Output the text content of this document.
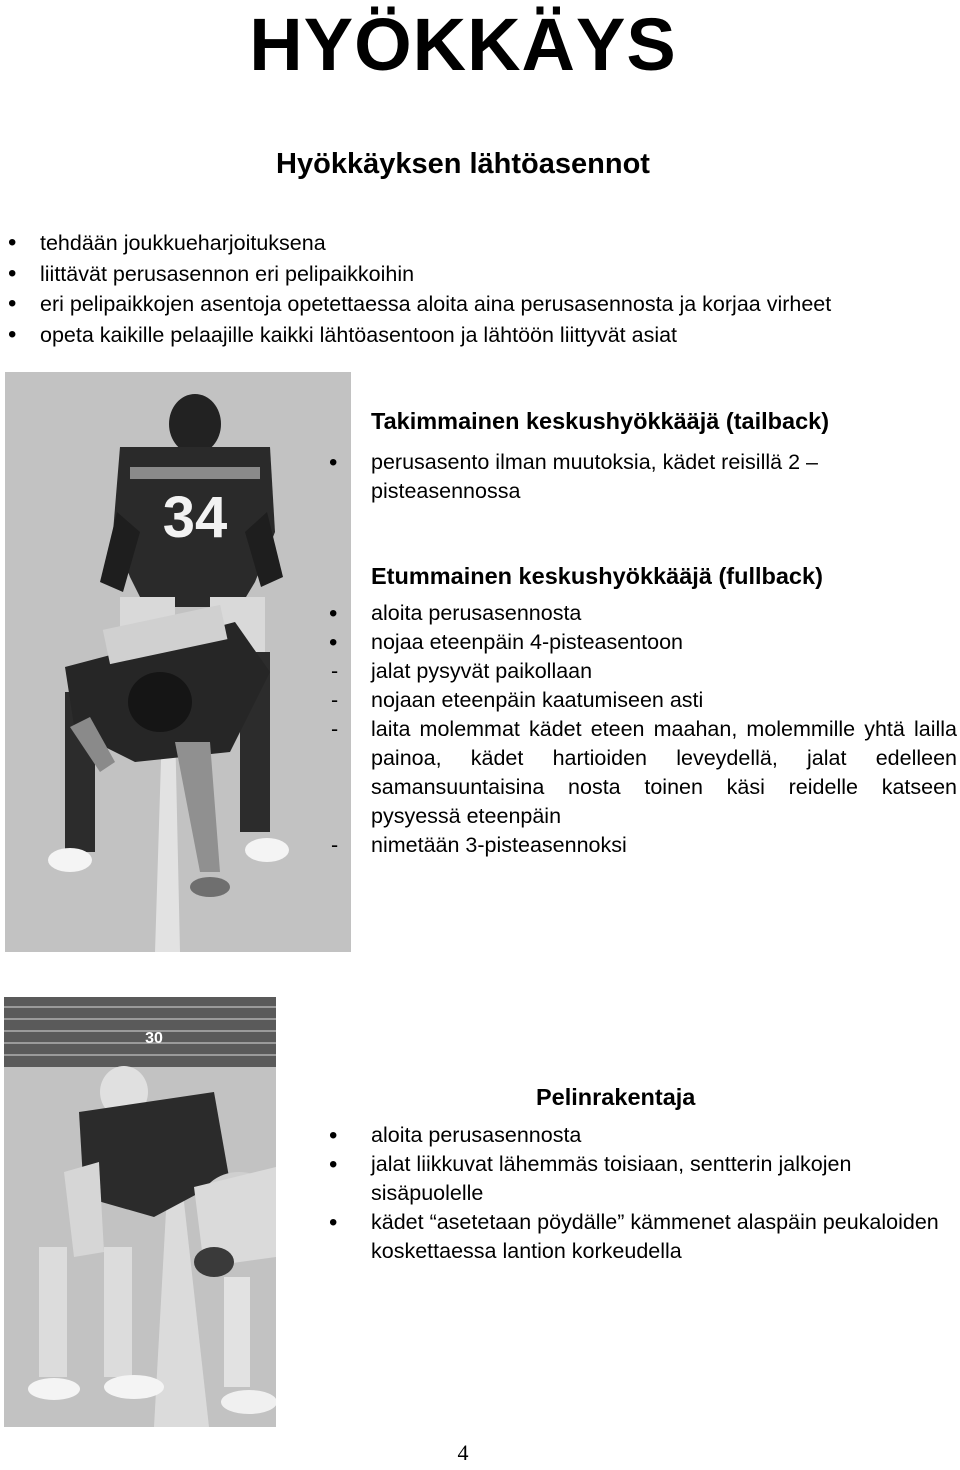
HYÖKKÄYS
Hyökkäyksen lähtöasennot
• tehdään joukkueharjoituksena
• liittävät perusasennon eri pelipaikkoihin
• eri pelipaikkojen asentoja opetettaessa aloita aina perusasennosta ja korjaa virheet
• opeta kaikille pelaajille kaikki lähtöasentoon ja lähtöön liittyvät asiat
34
Takimmainen keskushyökkääjä (tailback)
• perusasento ilman muutoksia, kädet reisillä 2 – pisteasennossa
Etummainen keskushyökkääjä (fullback)
• aloita perusasennosta
• nojaa eteenpäin 4-pisteasentoon
- jalat pysyvät paikollaan
- nojaan eteenpäin kaatumiseen asti
- laita molemmat kädet eteen maahan, molemmille yhtä lailla painoa, kädet hartioiden leveydellä, jalat edelleen samansuuntaisina nosta toinen käsi reidelle katseen pysyessä eteenpäin
- nimetään 3-pisteasennoksi
30
Pelinrakentaja
• aloita perusasennosta
• jalat liikkuvat lähemmäs toisiaan, sentterin jalkojen sisäpuolelle
• kädet “asetetaan pöydälle” kämmenet alaspäin peukaloiden koskettaessa lantion korkeudella
4
